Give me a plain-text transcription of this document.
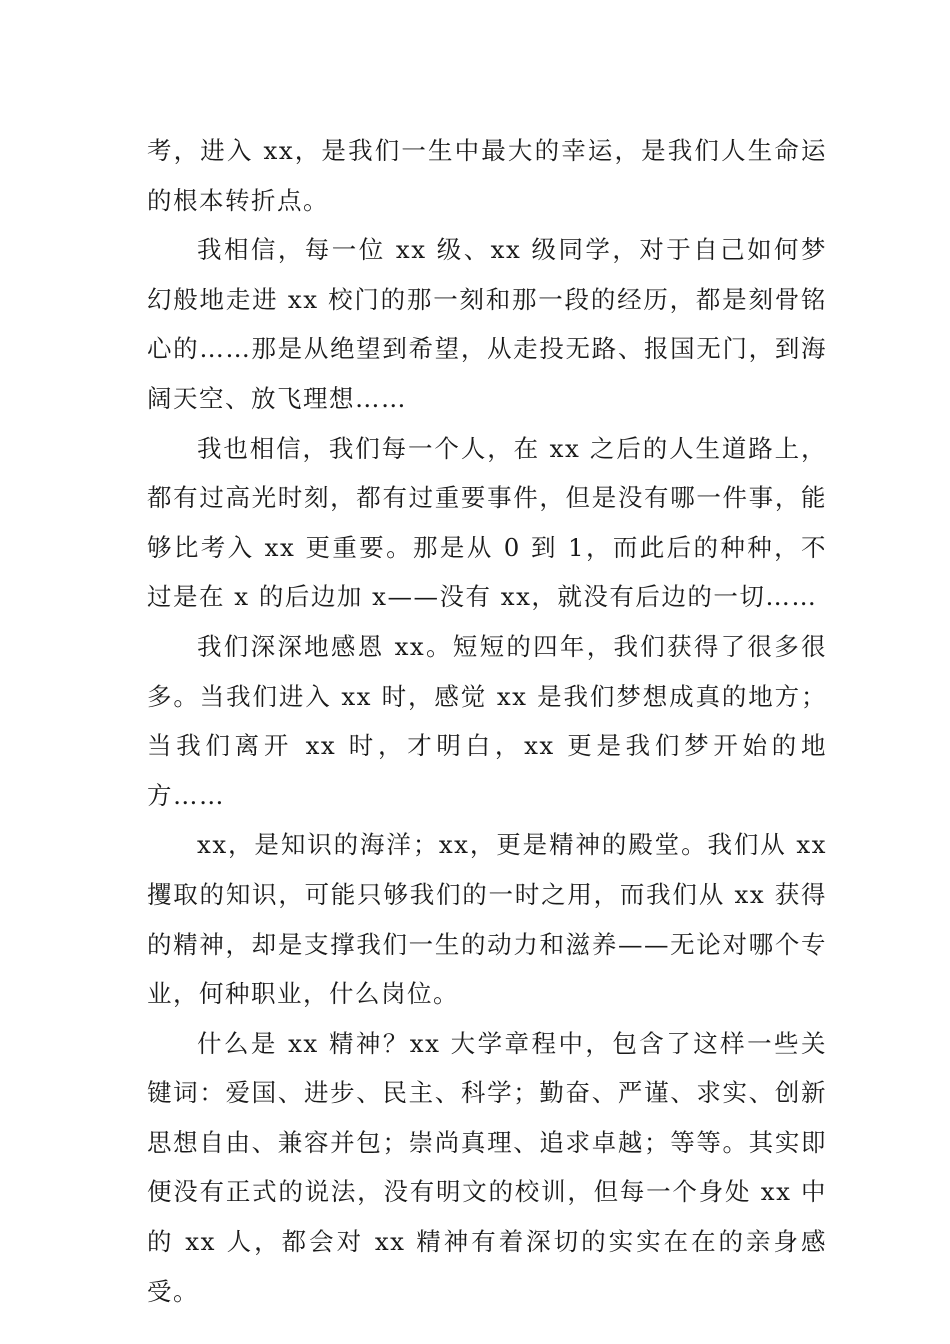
考，进入 xx，是我们一生中最大的幸运，是我们人生命运的根本转折点。

我相信，每一位 xx 级、xx 级同学，对于自己如何梦幻般地走进 xx 校门的那一刻和那一段的经历，都是刻骨铭心的……那是从绝望到希望，从走投无路、报国无门，到海阔天空、放飞理想……

我也相信，我们每一个人，在 xx 之后的人生道路上，都有过高光时刻，都有过重要事件，但是没有哪一件事，能够比考入 xx 更重要。那是从 0 到 1，而此后的种种，不过是在 x 的后边加 x——没有 xx，就没有后边的一切……

我们深深地感恩 xx。短短的四年，我们获得了很多很多。当我们进入 xx 时，感觉 xx 是我们梦想成真的地方；当我们离开 xx 时，才明白，xx 更是我们梦开始的地方……

xx，是知识的海洋；xx，更是精神的殿堂。我们从 xx 攫取的知识，可能只够我们的一时之用，而我们从 xx 获得的精神，却是支撑我们一生的动力和滋养——无论对哪个专业，何种职业，什么岗位。

什么是 xx 精神？xx 大学章程中，包含了这样一些关键词：爱国、进步、民主、科学；勤奋、严谨、求实、创新思想自由、兼容并包；崇尚真理、追求卓越；等等。其实即便没有正式的说法，没有明文的校训，但每一个身处 xx 中的 xx 人，都会对 xx 精神有着深切的实实在在的亲身感受。
